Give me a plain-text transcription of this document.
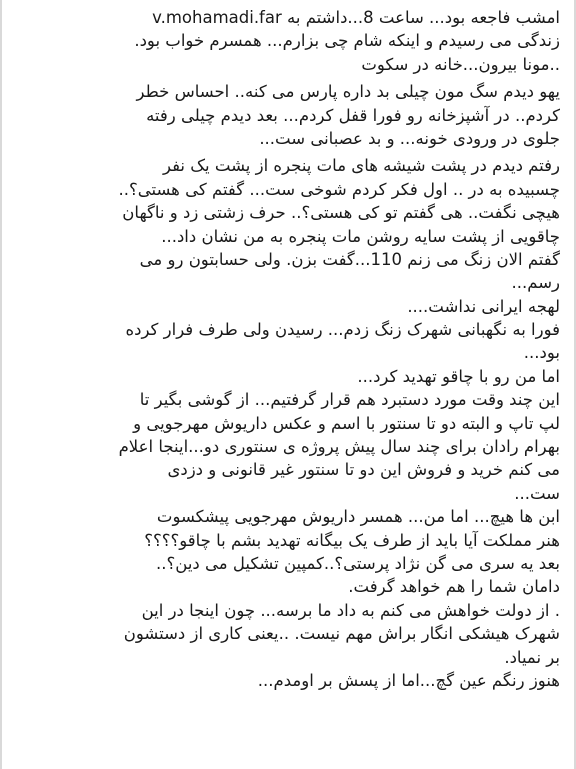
v.mohamadi.far امشب فاجعه بود... ساعت 8...داشتم به
زندگی می رسیدم و اینکه شام چی بزارم... همسرم خواب بود.
..مونا بیرون...خانه در سکوت
یهو دیدم سگ مون چیلی بد داره پارس می کنه.. احساس خطر
کردم.. در آشپزخانه رو فورا قفل کردم... بعد دیدم چیلی رفته
جلوی در ورودی خونه... و بد عصبانی ست...
رفتم دیدم در پشت شیشه های مات پنجره از پشت یک نفر
چسبیده به در .. اول فکر کردم شوخی ست... گفتم کی هستی؟..
هیچی نگفت.. هی گفتم تو کی هستی؟.. حرف زشتی زد و ناگهان
چاقویی از پشت سایه روشن مات پنجره به من نشان داد...
گفتم الان زنگ می زنم 110...گفت بزن. ولی حسابتون رو می
رسم...
لهجه ایرانی نداشت....
فورا به نگهبانی شهرک زنگ زدم... رسیدن ولی طرف فرار کرده
بود...
اما من رو با چاقو تهدید کرد...
این چند وقت مورد دستبرد هم قرار گرفتیم... از گوشی بگیر تا
لپ تاپ و البته دو تا سنتور با اسم و عکس داریوش مهرجویی و
بهرام رادان برای چند سال پیش پروژه ی سنتوری دو...اینجا اعلام
می کنم خرید و فروش این دو تا سنتور غیر قانونی و دزدی
ست...
ابن ها هیچ... اما من... همسر داریوش مهرجویی پیشکسوت
هنر مملکت آیا باید از طرف یک بیگانه تهدید بشم با چاقو؟؟؟؟
بعد یه سری می گن نژاد پرستی؟..کمپین تشکیل می دین؟..
دامان شما را هم خواهد گرفت.
. از دولت خواهش می کنم به داد ما برسه... چون اینجا در این
شهرک هیشکی انگار براش مهم نیست. ..یعنی کاری از دستشون
بر نمیاد.
هنوز رنگم عین گچ...اما از پسش بر اومدم...
